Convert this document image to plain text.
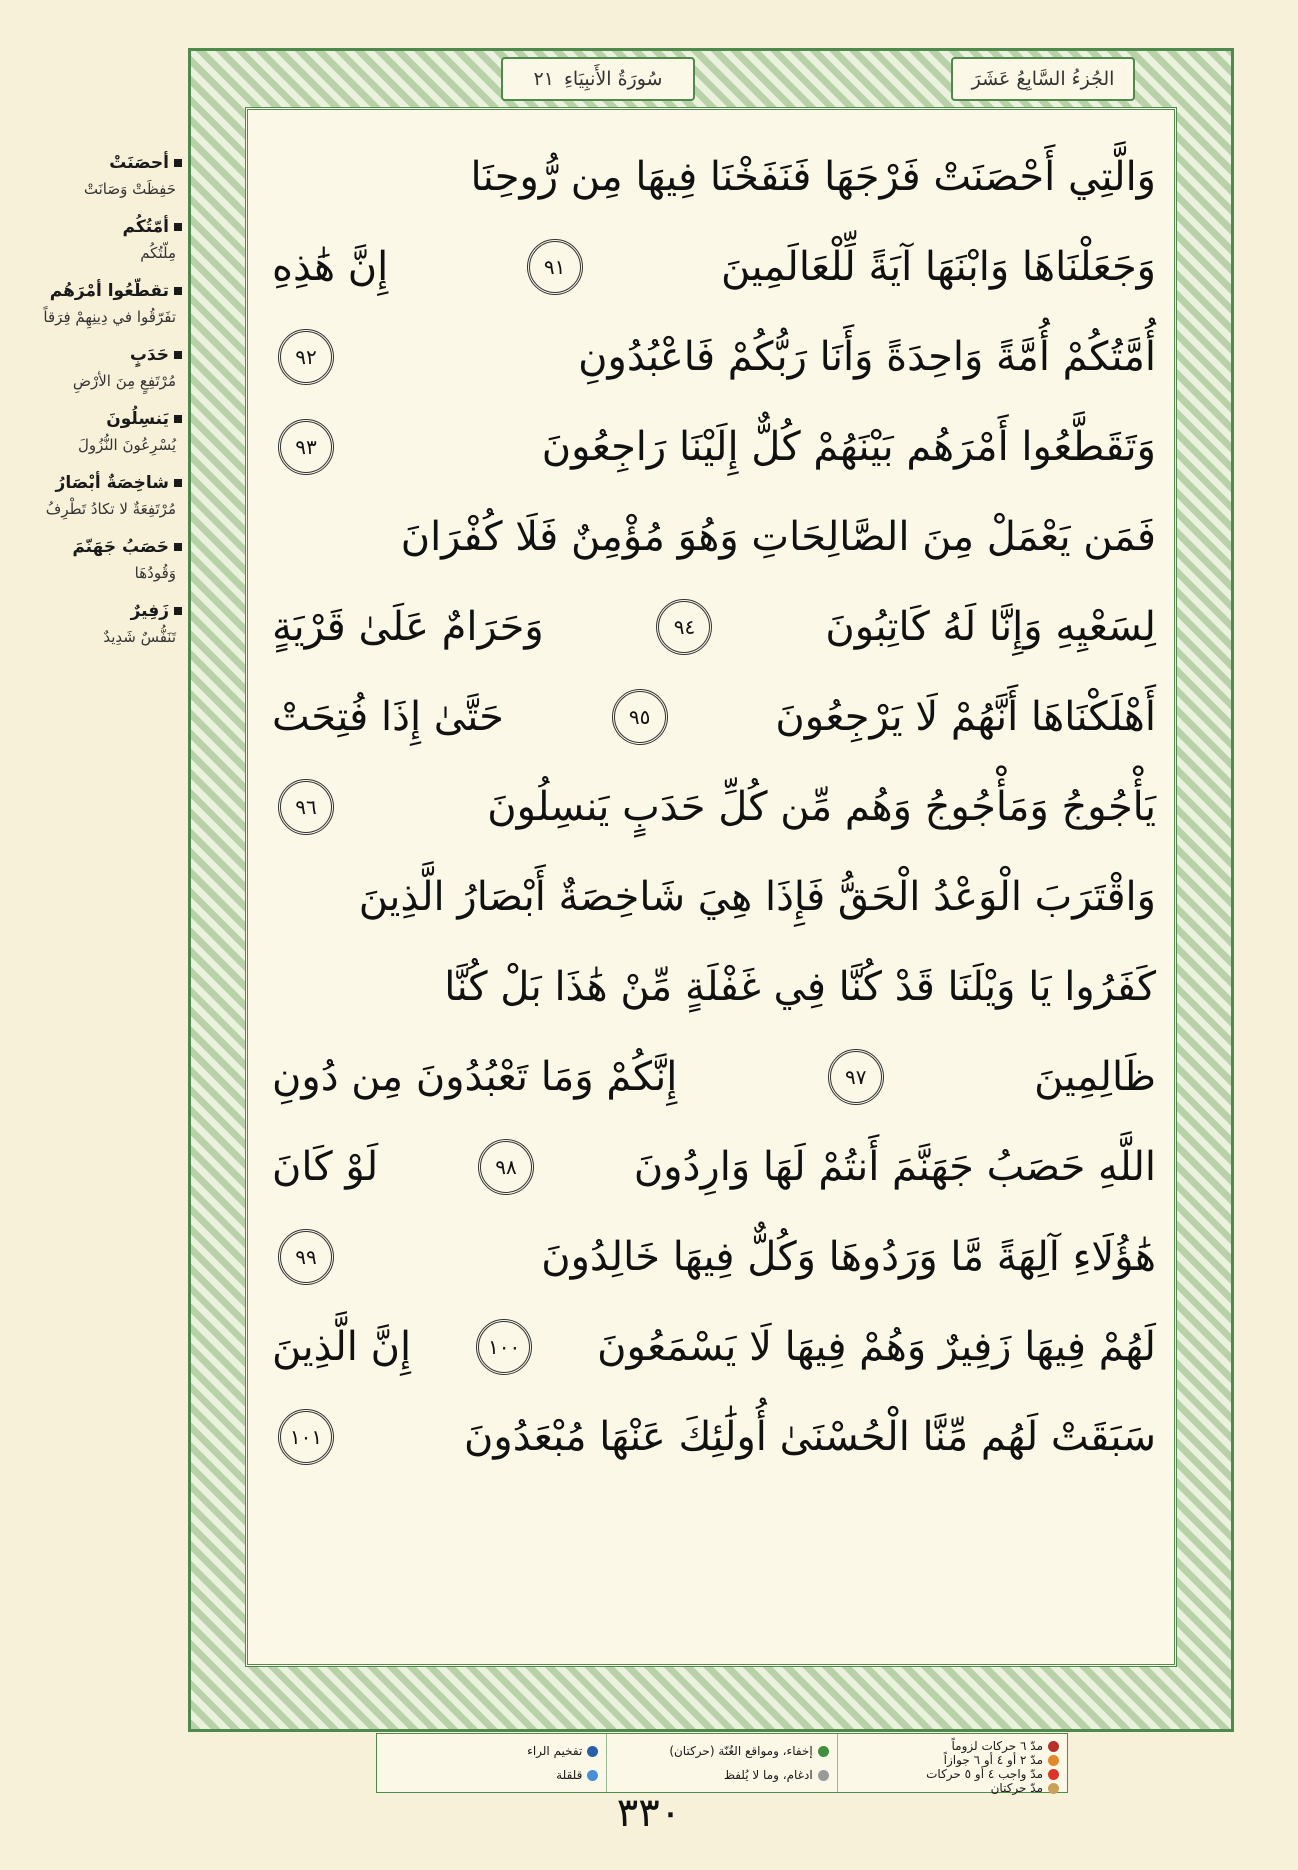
أحصَنَتْ
حَفِظَتْ وَصَانَتْ
أمّتُكُم
مِلّتُكُم
تقطّعُوا أمْرَهُم
تفَرّقُوا في دِينِهِمْ فِرَقاً
حَدَبٍ
مُرْتَفِعٍ مِنَ الأرْضِ
يَنسِلُونَ
يُسْرِعُونَ النُّزُولَ
شاخِصَةٌ أبْصَارُ
مُرْتَفِعَةٌ لا تكادُ تَطْرِفُ
حَصَبُ جَهَنّمَ
وَقُودُهَا
زَفِيرٌ
تَنَفُّسٌ شَدِيدٌ
سُورَةُ الأَنبِيَاءِ
٢١	الجُزءُ السَّابِعُ عَشَرَ
وَالَّتِي أَحْصَنَتْ فَرْجَهَا فَنَفَخْنَا فِيهَا مِن رُّوحِنَا
وَجَعَلْنَاهَا وَابْنَهَا آيَةً لِّلْعَالَمِينَ
٩١
إِنَّ هَٰذِهِ
أُمَّتُكُمْ أُمَّةً وَاحِدَةً وَأَنَا رَبُّكُمْ فَاعْبُدُونِ
٩٢
وَتَقَطَّعُوا أَمْرَهُم بَيْنَهُمْ كُلٌّ إِلَيْنَا رَاجِعُونَ
٩٣
فَمَن يَعْمَلْ مِنَ الصَّالِحَاتِ وَهُوَ مُؤْمِنٌ فَلَا كُفْرَانَ
لِسَعْيِهِ وَإِنَّا لَهُ كَاتِبُونَ
٩٤
وَحَرَامٌ عَلَىٰ قَرْيَةٍ
أَهْلَكْنَاهَا أَنَّهُمْ لَا يَرْجِعُونَ
٩٥
حَتَّىٰ إِذَا فُتِحَتْ
يَأْجُوجُ وَمَأْجُوجُ وَهُم مِّن كُلِّ حَدَبٍ يَنسِلُونَ
٩٦
وَاقْتَرَبَ الْوَعْدُ الْحَقُّ فَإِذَا هِيَ شَاخِصَةٌ أَبْصَارُ الَّذِينَ
كَفَرُوا يَا وَيْلَنَا قَدْ كُنَّا فِي غَفْلَةٍ مِّنْ هَٰذَا بَلْ كُنَّا
ظَالِمِينَ
٩٧
إِنَّكُمْ وَمَا تَعْبُدُونَ مِن دُونِ
اللَّهِ حَصَبُ جَهَنَّمَ أَنتُمْ لَهَا وَارِدُونَ
٩٨
لَوْ كَانَ
هَٰؤُلَاءِ آلِهَةً مَّا وَرَدُوهَا وَكُلٌّ فِيهَا خَالِدُونَ
٩٩
لَهُمْ فِيهَا زَفِيرٌ وَهُمْ فِيهَا لَا يَسْمَعُونَ
١٠٠
إِنَّ الَّذِينَ
سَبَقَتْ لَهُم مِّنَّا الْحُسْنَىٰ أُولَٰئِكَ عَنْهَا مُبْعَدُونَ
١٠١
مدّ ٦ حركات لزوماً
مدّ ٢ أو ٤ أو ٦ جوازاً
مدّ واجب ٤ أو ٥ حركات
مدّ حركتان
إخفاء، ومواقع الغُنّة (حركتان)
ادغام، وما لا يُلفظ
تفخيم الراء
قلقلة
٣٣٠
